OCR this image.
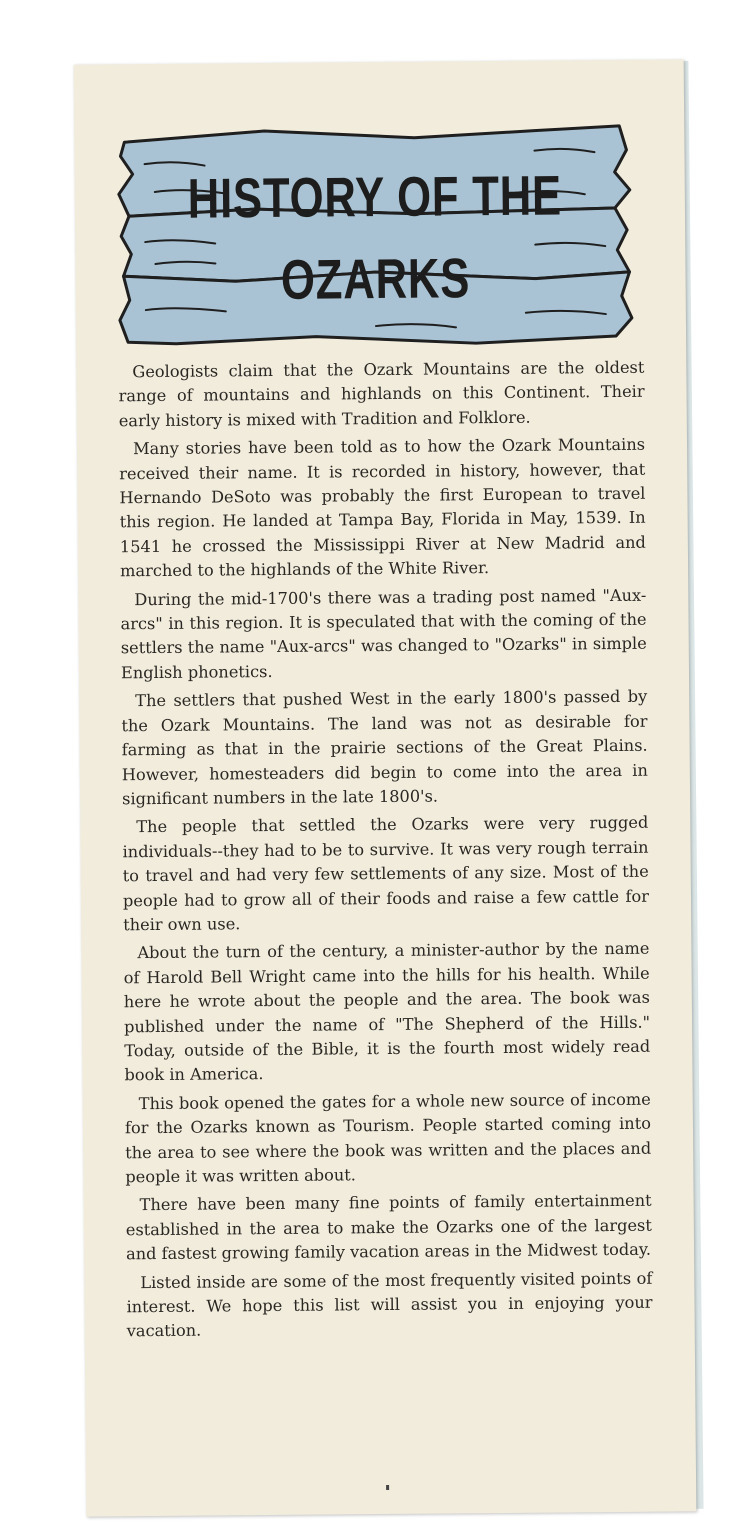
HISTORY OF THE
OZARKS

Geologists claim that the Ozark Mountains are the oldest range of mountains and highlands on this Continent. Their early history is mixed with Tradition and Folklore.

Many stories have been told as to how the Ozark Mountains received their name. It is recorded in history, however, that Hernando DeSoto was probably the first European to travel this region. He landed at Tampa Bay, Florida in May, 1539. In 1541 he crossed the Mississippi River at New Madrid and marched to the highlands of the White River.

During the mid-1700's there was a trading post named "Aux-arcs" in this region. It is speculated that with the coming of the settlers the name "Aux-arcs" was changed to "Ozarks" in simple English phonetics.

The settlers that pushed West in the early 1800's passed by the Ozark Mountains. The land was not as desirable for farming as that in the prairie sections of the Great Plains. However, homesteaders did begin to come into the area in significant numbers in the late 1800's.

The people that settled the Ozarks were very rugged individuals--they had to be to survive. It was very rough terrain to travel and had very few settlements of any size. Most of the people had to grow all of their foods and raise a few cattle for their own use.

About the turn of the century, a minister-author by the name of Harold Bell Wright came into the hills for his health. While here he wrote about the people and the area. The book was published under the name of "The Shepherd of the Hills." Today, outside of the Bible, it is the fourth most widely read book in America.

This book opened the gates for a whole new source of income for the Ozarks known as Tourism. People started coming into the area to see where the book was written and the places and people it was written about.

There have been many fine points of family entertainment established in the area to make the Ozarks one of the largest and fastest growing family vacation areas in the Midwest today.

Listed inside are some of the most frequently visited points of interest. We hope this list will assist you in enjoying your vacation.
